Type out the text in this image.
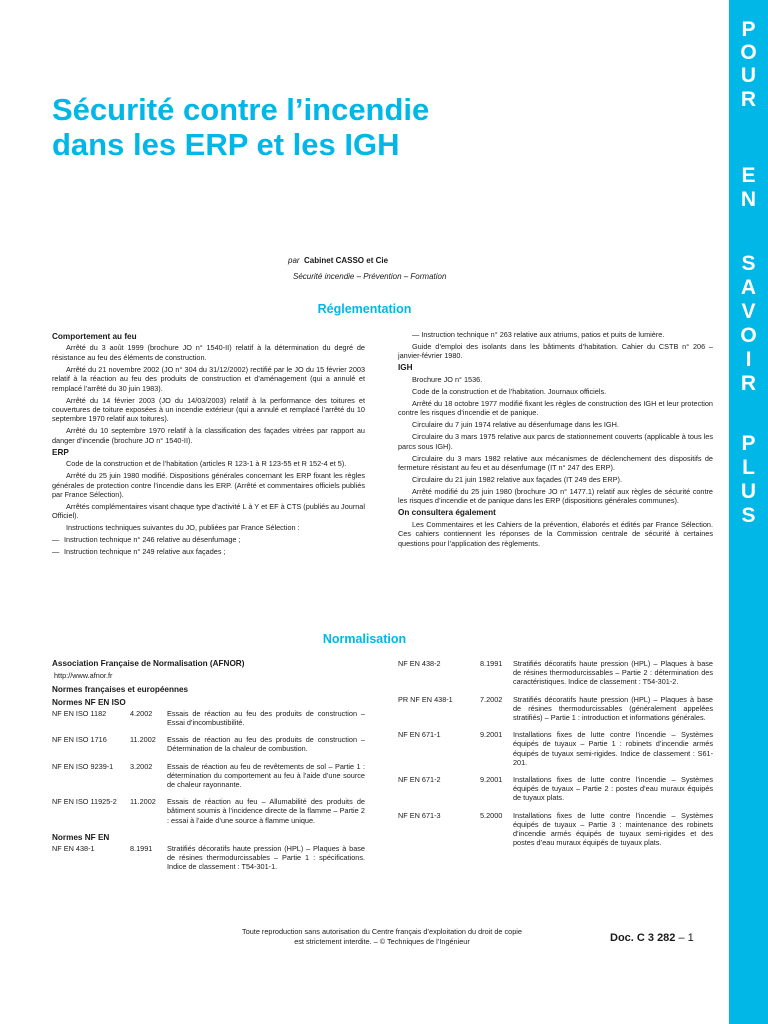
P
O
U
R
E
N
S
A
V
O
I
R
P
L
U
S
Sécurité contre l’incendie
dans les ERP et les IGH
par Cabinet CASSO et Cie
Sécurité incendie – Prévention – Formation
Réglementation
Comportement au feu

Arrêté du 3 août 1999 (brochure JO n° 1540-II) relatif à la détermination du degré de résistance au feu des éléments de construction.

Arrêté du 21 novembre 2002 (JO n° 304 du 31/12/2002) rectifié par le JO du 15 février 2003 relatif à la réaction au feu des produits de construction et d’aménagement (qui a annulé et remplacé l’arrêté du 30 juin 1983).

Arrêté du 14 février 2003 (JO du 14/03/2003) relatif à la performance des toitures et couvertures de toiture exposées à un incendie extérieur (qui a annulé et remplacé l’arrêté du 10 septembre 1970 relatif aux toitures).

Arrêté du 10 septembre 1970 relatif à la classification des façades vitrées par rapport au danger d’incendie (brochure JO n° 1540-II).

ERP

Code de la construction et de l’habitation (articles R 123-1 à R 123-55 et R 152-4 et 5).

Arrêté du 25 juin 1980 modifié. Dispositions générales concernant les ERP fixant les règles générales de protection contre l’incendie dans les ERP. (Arrêté et commentaires officiels publiés par France Sélection).

Arrêtés complémentaires visant chaque type d’activité L à Y et EF à CTS (publiés au Journal Officiel).

Instructions techniques suivantes du JO, publiées par France Sélection :

— Instruction technique n° 246 relative au désenfumage ;

— Instruction technique n° 249 relative aux façades ;

— Instruction technique n° 263 relative aux atriums, patios et puits de lumière.

Guide d’emploi des isolants dans les bâtiments d’habitation. Cahier du CSTB n° 206 – janvier-février 1980.

IGH

Brochure JO n° 1536.

Code de la construction et de l’habitation. Journaux officiels.

Arrêté du 18 octobre 1977 modifié fixant les règles de construction des IGH et leur protection contre les risques d’incendie et de panique.

Circulaire du 7 juin 1974 relative au désenfumage dans les IGH.

Circulaire du 3 mars 1975 relative aux parcs de stationnement couverts (applicable à tous les parcs sous IGH).

Circulaire du 3 mars 1982 relative aux mécanismes de déclenchement des dispositifs de fermeture résistant au feu et au désenfumage (IT n° 247 des ERP).

Circulaire du 21 juin 1982 relative aux façades (IT 249 des ERP).

Arrêté modifié du 25 juin 1980 (brochure JO n° 1477.1) relatif aux règles de sécurité contre les risques d’incendie et de panique dans les ERP (dispositions générales communes).

On consultera également

Les Commentaires et les Cahiers de la prévention, élaborés et édités par France Sélection. Ces cahiers contiennent les réponses de la Commission centrale de sécurité à certaines questions pour l’application des règlements.

Normalisation
Association Française de Normalisation (AFNOR)
http://www.afnor.fr
Normes françaises et européennes
Normes NF EN ISO
NF EN ISO 1182	4.2002 Essais de réaction au feu des produits de construction – Essai d’incombustibilité.
NF EN ISO 1716	11.2002 Essais de réaction au feu des produits de construction – Détermination de la chaleur de combustion.
NF EN ISO 9239-1 3.2002 Essais de réaction au feu de revêtements de sol – Partie 1 : détermination du comportement au feu à l’aide d’une source de chaleur rayonnante.
NF EN ISO 11925-2 11.2002 Essais de réaction au feu – Allumabilité des produits de bâtiment soumis à l’incidence directe de la flamme – Partie 2 : essai à l’aide d’une source à flamme unique.
Normes NF EN
NF EN 438-1	8.1991 Stratifiés décoratifs haute pression (HPL) – Plaques à base de résines thermodurcissables – Partie 1 : spécifications. Indice de classement : T54-301-1.
NF EN 438-2	8.1991 Stratifiés décoratifs haute pression (HPL) – Plaques à base de résines thermodurcissables – Partie 2 : détermination des caractéristiques. Indice de classement : T54-301-2.
PR NF EN 438-1	7.2002 Stratifiés décoratifs haute pression (HPL) – Plaques à base de résines thermodurcissables (généralement appelées stratifiés) – Partie 1 : introduction et informations générales.
NF EN 671-1	9.2001 Installations fixes de lutte contre l’incendie – Systèmes équipés de tuyaux – Partie 1 : robinets d’incendie armés équipés de tuyaux semi-rigides. Indice de classement : S61-201.
NF EN 671-2	9.2001 Installations fixes de lutte contre l’incendie – Systèmes équipés de tuyaux – Partie 2 : postes d’eau muraux équipés de tuyaux plats.
NF EN 671-3	5.2000 Installations fixes de lutte contre l’incendie – Systèmes équipés de tuyaux – Partie 3 : maintenance des robinets d’incendie armés équipés de tuyaux semi-rigides et des postes d’eau muraux équipés de tuyaux plats.
Toute reproduction sans autorisation du Centre français d’exploitation du droit de copie
est strictement interdite. – © Techniques de l’Ingénieur	Doc. C 3 282 – 1
